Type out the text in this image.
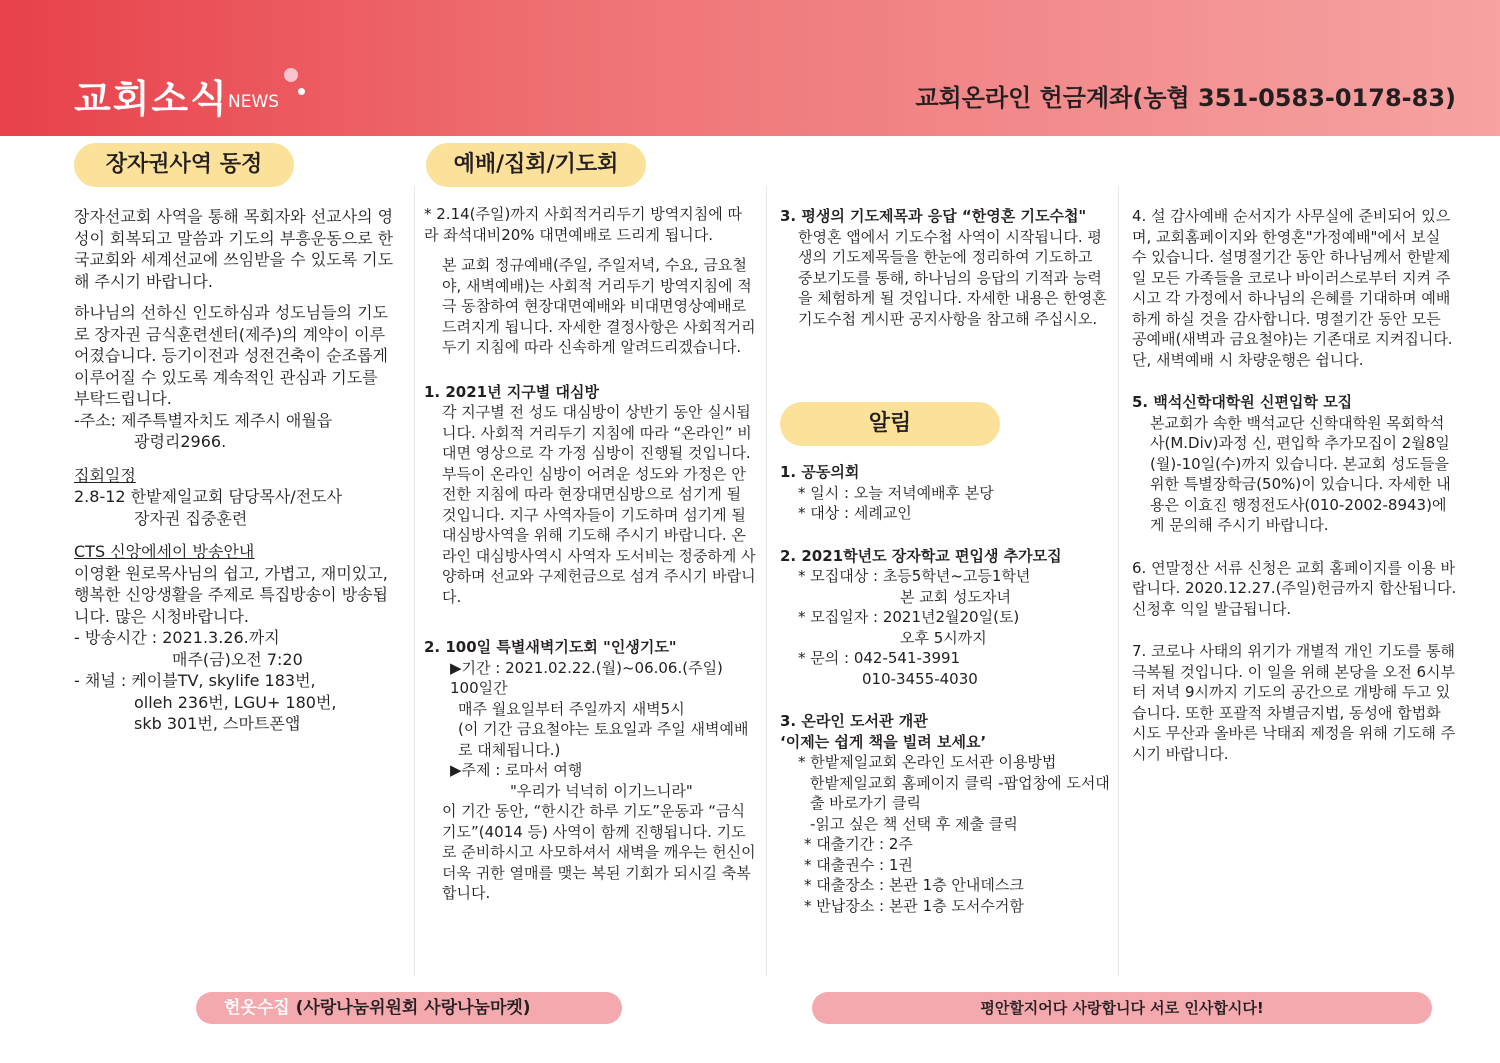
교회소식 NEWS	교회온라인 헌금계좌(농협 351-0583-0178-83)
장자권사역 동정

장자선교회 사역을 통해 목회자와 선교사의 영성이 회복되고 말씀과 기도의 부흥운동으로 한국교회와 세계선교에 쓰임받을 수 있도록 기도해 주시기 바랍니다.

하나님의 선하신 인도하심과 성도님들의 기도로 장자권 금식훈련센터(제주)의 계약이 이루어졌습니다. 등기이전과 성전건축이 순조롭게 이루어질 수 있도록 계속적인 관심과 기도를 부탁드립니다.

-주소: 제주특별자치도 제주시 애월읍
광령리2966.
집회일정
2.8-12 한밭제일교회 담당목사/전도사
장자권 집중훈련
CTS 신앙에세이 방송안내
이영환 원로목사님의 쉽고, 가볍고, 재미있고, 행복한 신앙생활을 주제로 특집방송이 방송됩니다. 많은 시청바랍니다.
- 방송시간 : 2021.3.26.까지
매주(금)오전 7:20
- 채널 : 케이블TV, skylife 183번,
olleh 236번, LGU+ 180번,
skb 301번, 스마트폰앱
예배/집회/기도회

* 2.14(주일)까지 사회적거리두기 방역지침에 따라 좌석대비20% 대면예배로 드리게 됩니다.

본 교회 정규예배(주일, 주일저녁, 수요, 금요철야, 새벽예배)는 사회적 거리두기 방역지침에 적극 동참하여 현장대면예배와 비대면영상예배로 드려지게 됩니다. 자세한 결정사항은 사회적거리두기 지침에 따라 신속하게 알려드리겠습니다.

1. 2021년 지구별 대심방

각 지구별 전 성도 대심방이 상반기 동안 실시됩니다. 사회적 거리두기 지침에 따라 “온라인” 비대면 영상으로 각 가정 심방이 진행될 것입니다. 부득이 온라인 심방이 어려운 성도와 가정은 안전한 지침에 따라 현장대면심방으로 섬기게 될 것입니다. 지구 사역자들이 기도하며 섬기게 될 대심방사역을 위해 기도해 주시기 바랍니다. 온라인 대심방사역시 사역자 도서비는 정중하게 사양하며 선교와 구제헌금으로 섬겨 주시기 바랍니다.

2. 100일 특별새벽기도회 "인생기도"
▶기간 : 2021.02.22.(월)~06.06.(주일) 100일간
매주 월요일부터 주일까지 새벽5시
(이 기간 금요철야는 토요일과 주일 새벽예배로 대체됩니다.)
▶주제 : 로마서 여행
"우리가 넉넉히 이기느니라"
이 기간 동안, “한시간 하루 기도”운동과 “금식기도”(4014 등) 사역이 함께 진행됩니다. 기도로 준비하시고 사모하셔서 새벽을 깨우는 헌신이 더욱 귀한 열매를 맺는 복된 기회가 되시길 축복합니다.
3. 평생의 기도제목과 응답 “한영혼 기도수첩"
한영혼 앱에서 기도수첩 사역이 시작됩니다. 평생의 기도제목들을 한눈에 정리하여 기도하고 중보기도를 통해, 하나님의 응답의 기적과 능력을 체험하게 될 것입니다. 자세한 내용은 한영혼 기도수첩 게시판 공지사항을 참고해 주십시오.
알림
1. 공동의회
* 일시 : 오늘 저녁예배후 본당
* 대상 : 세례교인
2. 2021학년도 장자학교 편입생 추가모집
* 모집대상 : 초등5학년~고등1학년
본 교회 성도자녀
* 모집일자 : 2021년2월20일(토)
오후 5시까지
* 문의 : 042-541-3991
010-3455-4030
3. 온라인 도서관 개관
‘이제는 쉽게 책을 빌려 보세요’
* 한밭제일교회 온라인 도서관 이용방법
한밭제일교회 홈페이지 클릭 -팝업창에 도서대출 바로가기 클릭
-읽고 싶은 책 선택 후 제출 클릭
* 대출기간 : 2주
* 대출권수 : 1권
* 대출장소 : 본관 1층 안내데스크
* 반납장소 : 본관 1층 도서수거함

4. 설 감사예배 순서지가 사무실에 준비되어 있으며, 교회홈페이지와 한영혼"가정예배"에서 보실 수 있습니다. 설명절기간 동안 하나님께서 한밭제일 모든 가족들을 코로나 바이러스로부터 지켜 주시고 각 가정에서 하나님의 은혜를 기대하며 예배하게 하실 것을 감사합니다. 명절기간 동안 모든 공예배(새벽과 금요철야)는 기존대로 지켜집니다. 단, 새벽예배 시 차량운행은 쉽니다.

5. 백석신학대학원 신편입학 모집

본교회가 속한 백석교단 신학대학원 목회학석사(M.Div)과정 신, 편입학 추가모집이 2월8일(월)-10일(수)까지 있습니다. 본교회 성도들을 위한 특별장학금(50%)이 있습니다. 자세한 내용은 이효진 행정전도사(010-2002-8943)에게 문의해 주시기 바랍니다.

6. 연말정산 서류 신청은 교회 홈페이지를 이용 바랍니다. 2020.12.27.(주일)헌금까지 합산됩니다. 신청후 익일 발급됩니다.

7. 코로나 사태의 위기가 개별적 개인 기도를 통해 극복될 것입니다. 이 일을 위해 본당을 오전 6시부터 저녁 9시까지 기도의 공간으로 개방해 두고 있습니다. 또한 포괄적 차별금지법, 동성애 합법화 시도 무산과 올바른 낙태죄 제정을 위해 기도해 주시기 바랍니다.

헌옷수집 (사랑나눔위원회 사랑나눔마켓)	평안할지어다 사랑합니다 서로 인사합시다!
